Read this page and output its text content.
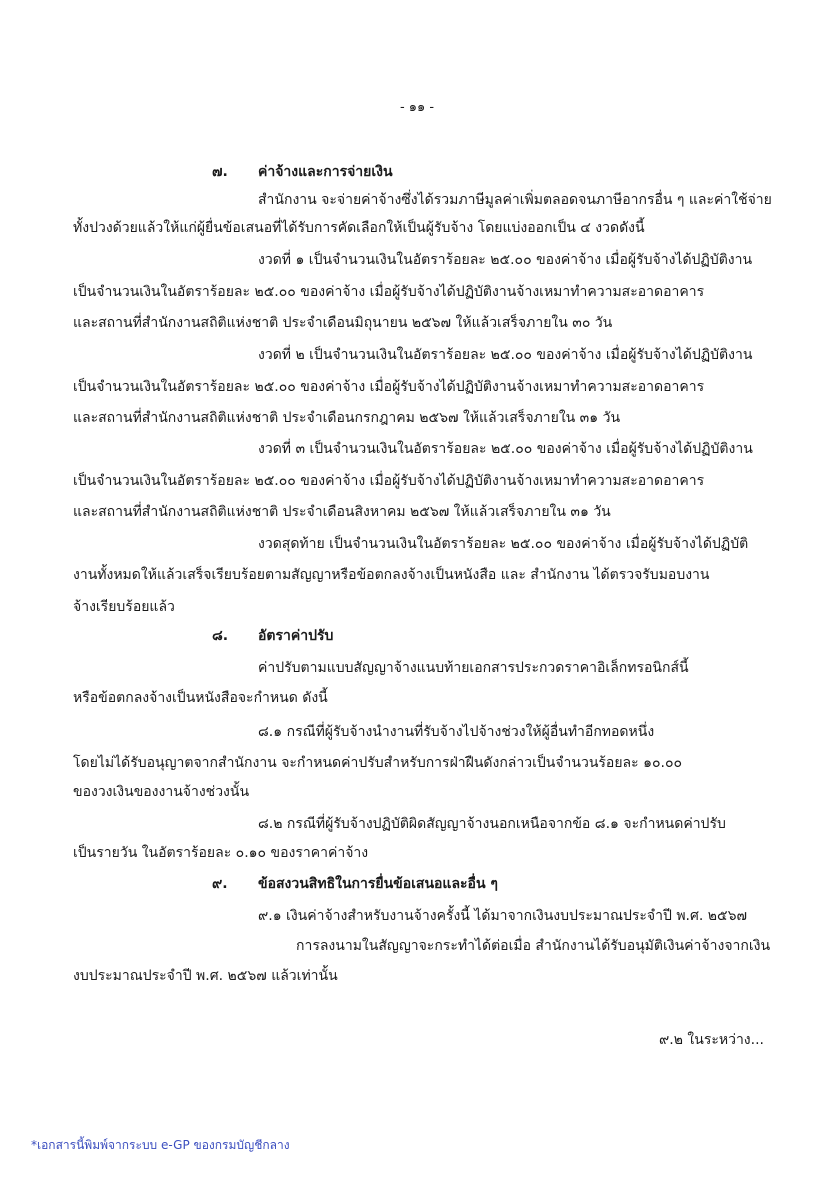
- ๑๑ -
๗. ค่าจ้างและการจ่ายเงิน
สำนักงาน จะจ่ายค่าจ้างซึ่งได้รวมภาษีมูลค่าเพิ่มตลอดจนภาษีอากรอื่น ๆ และค่าใช้จ่าย
ทั้งปวงด้วยแล้วให้แก่ผู้ยื่นข้อเสนอที่ได้รับการคัดเลือกให้เป็นผู้รับจ้าง โดยแบ่งออกเป็น ๔ งวดดังนี้
งวดที่ ๑ เป็นจำนวนเงินในอัตราร้อยละ ๒๕.๐๐ ของค่าจ้าง เมื่อผู้รับจ้างได้ปฏิบัติงาน
เป็นจำนวนเงินในอัตราร้อยละ ๒๕.๐๐ ของค่าจ้าง เมื่อผู้รับจ้างได้ปฏิบัติงานจ้างเหมาทำความสะอาดอาคาร
และสถานที่สำนักงานสถิติแห่งชาติ ประจำเดือนมิถุนายน ๒๕๖๗ ให้แล้วเสร็จภายใน ๓๐ วัน
งวดที่ ๒ เป็นจำนวนเงินในอัตราร้อยละ ๒๕.๐๐ ของค่าจ้าง เมื่อผู้รับจ้างได้ปฏิบัติงาน
เป็นจำนวนเงินในอัตราร้อยละ ๒๕.๐๐ ของค่าจ้าง เมื่อผู้รับจ้างได้ปฏิบัติงานจ้างเหมาทำความสะอาดอาคาร
และสถานที่สำนักงานสถิติแห่งชาติ ประจำเดือนกรกฎาคม ๒๕๖๗ ให้แล้วเสร็จภายใน ๓๑ วัน
งวดที่ ๓ เป็นจำนวนเงินในอัตราร้อยละ ๒๕.๐๐ ของค่าจ้าง เมื่อผู้รับจ้างได้ปฏิบัติงาน
เป็นจำนวนเงินในอัตราร้อยละ ๒๕.๐๐ ของค่าจ้าง เมื่อผู้รับจ้างได้ปฏิบัติงานจ้างเหมาทำความสะอาดอาคาร
และสถานที่สำนักงานสถิติแห่งชาติ ประจำเดือนสิงหาคม ๒๕๖๗ ให้แล้วเสร็จภายใน ๓๑ วัน
งวดสุดท้าย เป็นจำนวนเงินในอัตราร้อยละ ๒๕.๐๐ ของค่าจ้าง เมื่อผู้รับจ้างได้ปฏิบัติ
งานทั้งหมดให้แล้วเสร็จเรียบร้อยตามสัญญาหรือข้อตกลงจ้างเป็นหนังสือ และ สำนักงาน ได้ตรวจรับมอบงาน
จ้างเรียบร้อยแล้ว
๘. อัตราค่าปรับ
ค่าปรับตามแบบสัญญาจ้างแนบท้ายเอกสารประกวดราคาอิเล็กทรอนิกส์นี้
หรือข้อตกลงจ้างเป็นหนังสือจะกำหนด ดังนี้
๘.๑ กรณีที่ผู้รับจ้างนำงานที่รับจ้างไปจ้างช่วงให้ผู้อื่นทำอีกทอดหนึ่ง
โดยไม่ได้รับอนุญาตจากสำนักงาน จะกำหนดค่าปรับสำหรับการฝ่าฝืนดังกล่าวเป็นจำนวนร้อยละ ๑๐.๐๐
ของวงเงินของงานจ้างช่วงนั้น
๘.๒ กรณีที่ผู้รับจ้างปฏิบัติผิดสัญญาจ้างนอกเหนือจากข้อ ๘.๑ จะกำหนดค่าปรับ
เป็นรายวัน ในอัตราร้อยละ ๐.๑๐ ของราคาค่าจ้าง
๙. ข้อสงวนสิทธิในการยื่นข้อเสนอและอื่น ๆ
๙.๑ เงินค่าจ้างสำหรับงานจ้างครั้งนี้ ได้มาจากเงินงบประมาณประจำปี พ.ศ. ๒๕๖๗
การลงนามในสัญญาจะกระทำได้ต่อเมื่อ สำนักงานได้รับอนุมัติเงินค่าจ้างจากเงิน
งบประมาณประจำปี พ.ศ. ๒๕๖๗ แล้วเท่านั้น
๙.๒ ในระหว่าง...
*เอกสารนี้พิมพ์จากระบบ e-GP ของกรมบัญชีกลาง
